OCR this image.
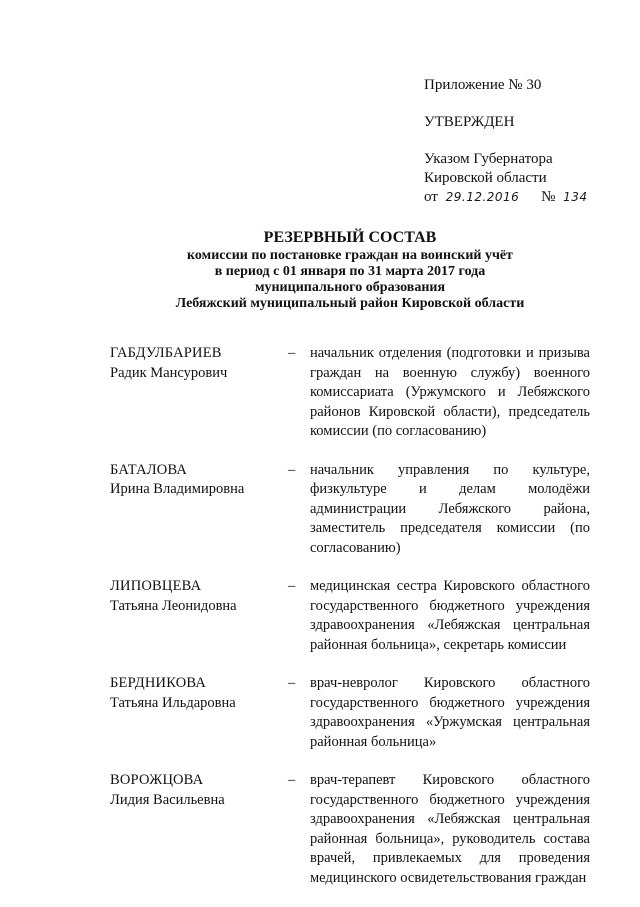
Приложение № 30
УТВЕРЖДЕН
Указом Губернатора
Кировской области
от 29.12.2016 № 134
РЕЗЕРВНЫЙ СОСТАВ
комиссии по постановке граждан на воинский учёт
в период с 01 января по 31 марта 2017 года
муниципального образования
Лебяжский муниципальный район Кировской области
ГАБДУЛБАРИЕВ
Радик Мансурович
–	начальник отделения (подготовки и призыва граждан на военную службу) военного комиссариата (Уржумского и Лебяжского районов Кировской области), председатель комиссии (по согласованию)
БАТАЛОВА
Ирина Владимировна
–	начальник управления по культуре, физкультуре и делам молодёжи администрации Лебяжского района, заместитель председателя комиссии (по согласованию)
ЛИПОВЦЕВА
Татьяна Леонидовна
–	медицинская сестра Кировского областного государственного бюджетного учреждения здравоохранения «Лебяжская центральная районная больница», секретарь комиссии
БЕРДНИКОВА
Татьяна Ильдаровна
–	врач-невролог Кировского областного государственного бюджетного учреждения здравоохранения «Уржумская центральная районная больница»
ВОРОЖЦОВА
Лидия Васильевна
–	врач-терапевт Кировского областного государственного бюджетного учреждения здравоохранения «Лебяжская центральная районная больница», руководитель состава врачей, привлекаемых для проведения медицинского освидетельствования граждан
